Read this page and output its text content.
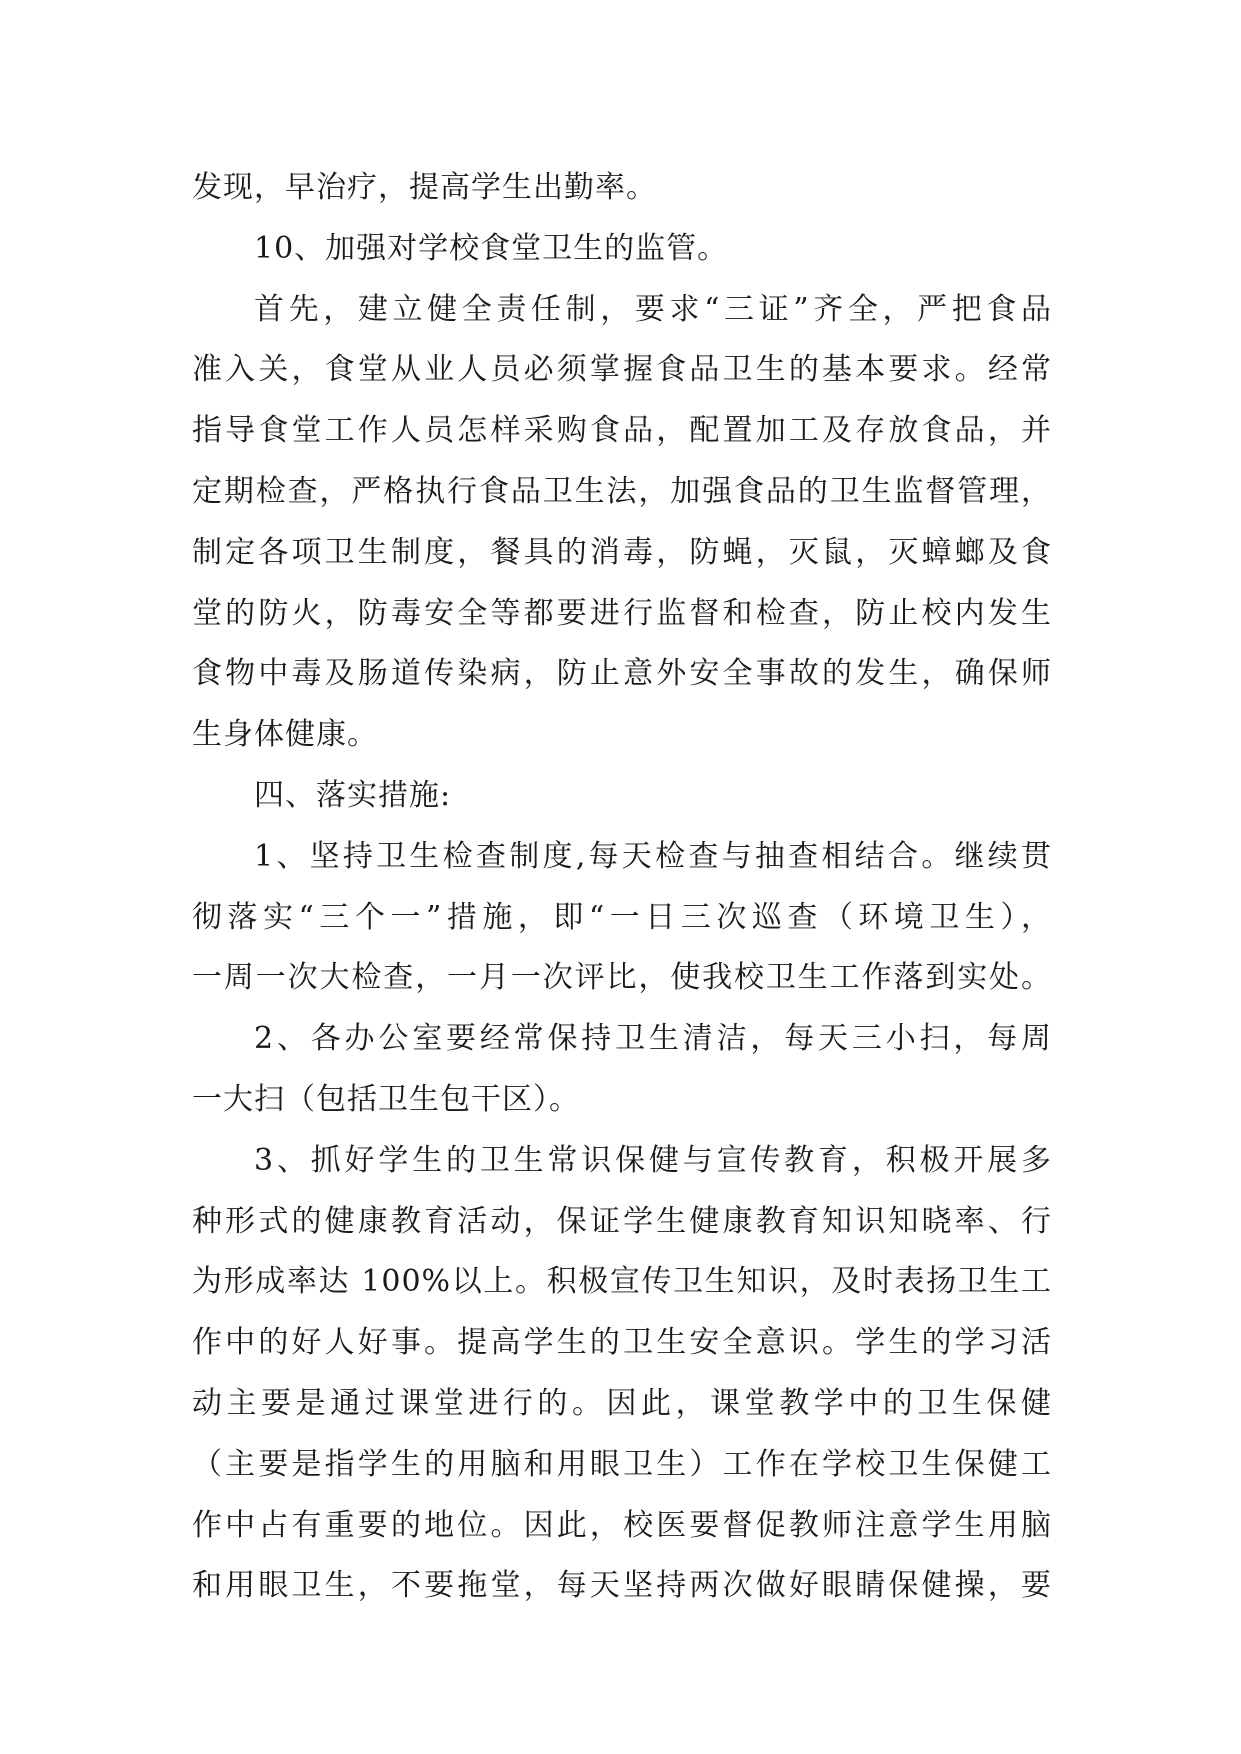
发现，早治疗，提高学生出勤率。
10、加强对学校食堂卫生的监管。
首先，建立健全责任制，要求“三证”齐全，严把食品
准入关，食堂从业人员必须掌握食品卫生的基本要求。经常
指导食堂工作人员怎样采购食品，配置加工及存放食品，并
定期检查，严格执行食品卫生法，加强食品的卫生监督管理，
制定各项卫生制度，餐具的消毒，防蝇，灭鼠，灭蟑螂及食
堂的防火，防毒安全等都要进行监督和检查，防止校内发生
食物中毒及肠道传染病，防止意外安全事故的发生，确保师
生身体健康。
四、落实措施:
1、坚持卫生检查制度,每天检查与抽查相结合。继续贯
彻落实“三个一”措施，即“一日三次巡查（环境卫生），
一周一次大检查，一月一次评比，使我校卫生工作落到实处。
2、各办公室要经常保持卫生清洁，每天三小扫，每周
一大扫（包括卫生包干区）。
3、抓好学生的卫生常识保健与宣传教育，积极开展多
种形式的健康教育活动，保证学生健康教育知识知晓率、行
为形成率达 100%以上。积极宣传卫生知识，及时表扬卫生工
作中的好人好事。提高学生的卫生安全意识。学生的学习活
动主要是通过课堂进行的。因此，课堂教学中的卫生保健
（主要是指学生的用脑和用眼卫生）工作在学校卫生保健工
作中占有重要的地位。因此，校医要督促教师注意学生用脑
和用眼卫生，不要拖堂，每天坚持两次做好眼睛保健操，要
